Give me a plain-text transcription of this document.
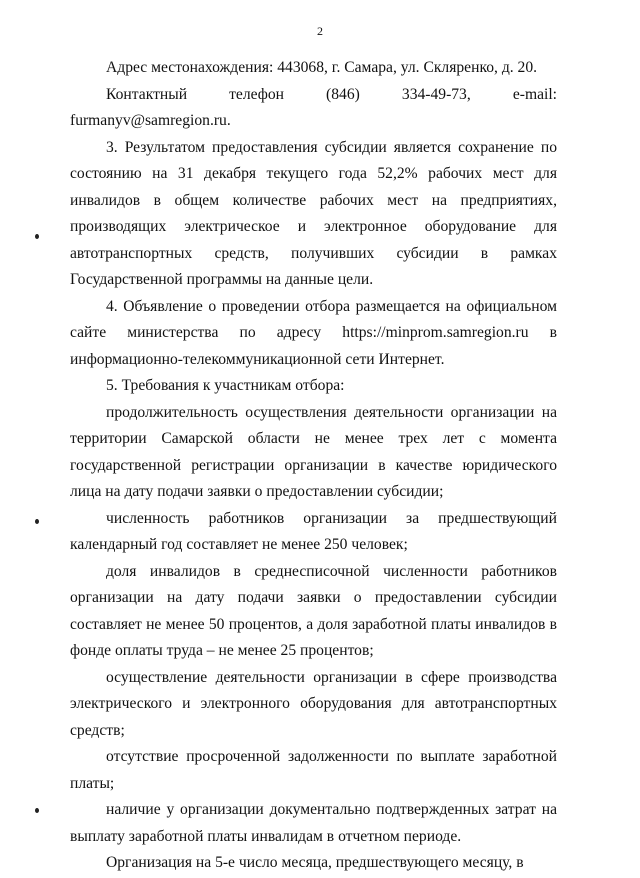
2

Адрес местонахождения: 443068, г. Самара, ул. Скляренко, д. 20.

Контактный телефон (846) 334-49-73, e-mail: furmanyv@samregion.ru.

3. Результатом предоставления субсидии является сохранение по состоянию на 31 декабря текущего года 52,2% рабочих мест для инвалидов в общем количестве рабочих мест на предприятиях, производящих электрическое и электронное оборудование для автотранспортных средств, получивших субсидии в рамках Государственной программы на данные цели.

4. Объявление о проведении отбора размещается на официальном сайте министерства по адресу https://minprom.samregion.ru в информационно-телекоммуникационной сети Интернет.

5. Требования к участникам отбора:

продолжительность осуществления деятельности организации на территории Самарской области не менее трех лет с момента государственной регистрации организации в качестве юридического лица на дату подачи заявки о предоставлении субсидии;

численность работников организации за предшествующий календарный год составляет не менее 250 человек;

доля инвалидов в среднесписочной численности работников организации на дату подачи заявки о предоставлении субсидии составляет не менее 50 процентов, а доля заработной платы инвалидов в фонде оплаты труда – не менее 25 процентов;

осуществление деятельности организации в сфере производства электрического и электронного оборудования для автотранспортных средств;

отсутствие просроченной задолженности по выплате заработной платы;

наличие у организации документально подтвержденных затрат на выплату заработной платы инвалидам в отчетном периоде.

Организация на 5-е число месяца, предшествующего месяцу, в
